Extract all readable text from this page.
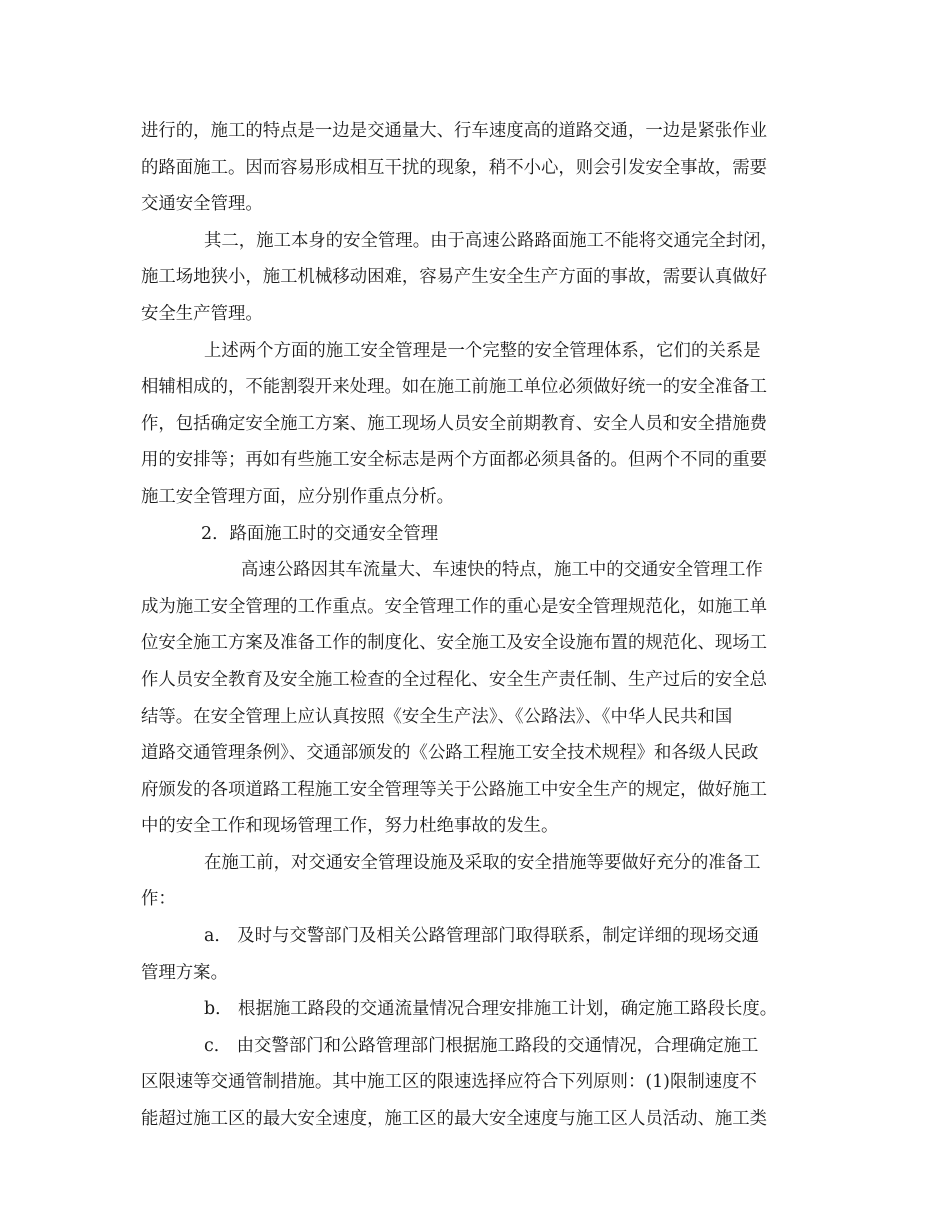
进行的，施工的特点是一边是交通量大、行车速度高的道路交通，一边是紧张作业
的路面施工。因而容易形成相互干扰的现象，稍不小心，则会引发安全事故，需要
交通安全管理。
其二，施工本身的安全管理。由于高速公路路面施工不能将交通完全封闭，
施工场地狭小，施工机械移动困难，容易产生安全生产方面的事故，需要认真做好
安全生产管理。
上述两个方面的施工安全管理是一个完整的安全管理体系，它们的关系是
相辅相成的，不能割裂开来处理。如在施工前施工单位必须做好统一的安全准备工
作，包括确定安全施工方案、施工现场人员安全前期教育、安全人员和安全措施费
用的安排等；再如有些施工安全标志是两个方面都必须具备的。但两个不同的重要
施工安全管理方面，应分别作重点分析。
2．路面施工时的交通安全管理
高速公路因其车流量大、车速快的特点，施工中的交通安全管理工作
成为施工安全管理的工作重点。安全管理工作的重心是安全管理规范化，如施工单
位安全施工方案及准备工作的制度化、安全施工及安全设施布置的规范化、现场工
作人员安全教育及安全施工检查的全过程化、安全生产责任制、生产过后的安全总
结等。在安全管理上应认真按照《安全生产法》、《公路法》、《中华人民共和国
道路交通管理条例》、交通部颁发的《公路工程施工安全技术规程》和各级人民政
府颁发的各项道路工程施工安全管理等关于公路施工中安全生产的规定，做好施工
中的安全工作和现场管理工作，努力杜绝事故的发生。
在施工前，对交通安全管理设施及采取的安全措施等要做好充分的准备工
作：
a． 及时与交警部门及相关公路管理部门取得联系，制定详细的现场交通
管理方案。
b． 根据施工路段的交通流量情况合理安排施工计划，确定施工路段长度。
c． 由交警部门和公路管理部门根据施工路段的交通情况，合理确定施工
区限速等交通管制措施。其中施工区的限速选择应符合下列原则：(1)限制速度不
能超过施工区的最大安全速度，施工区的最大安全速度与施工区人员活动、施工类
